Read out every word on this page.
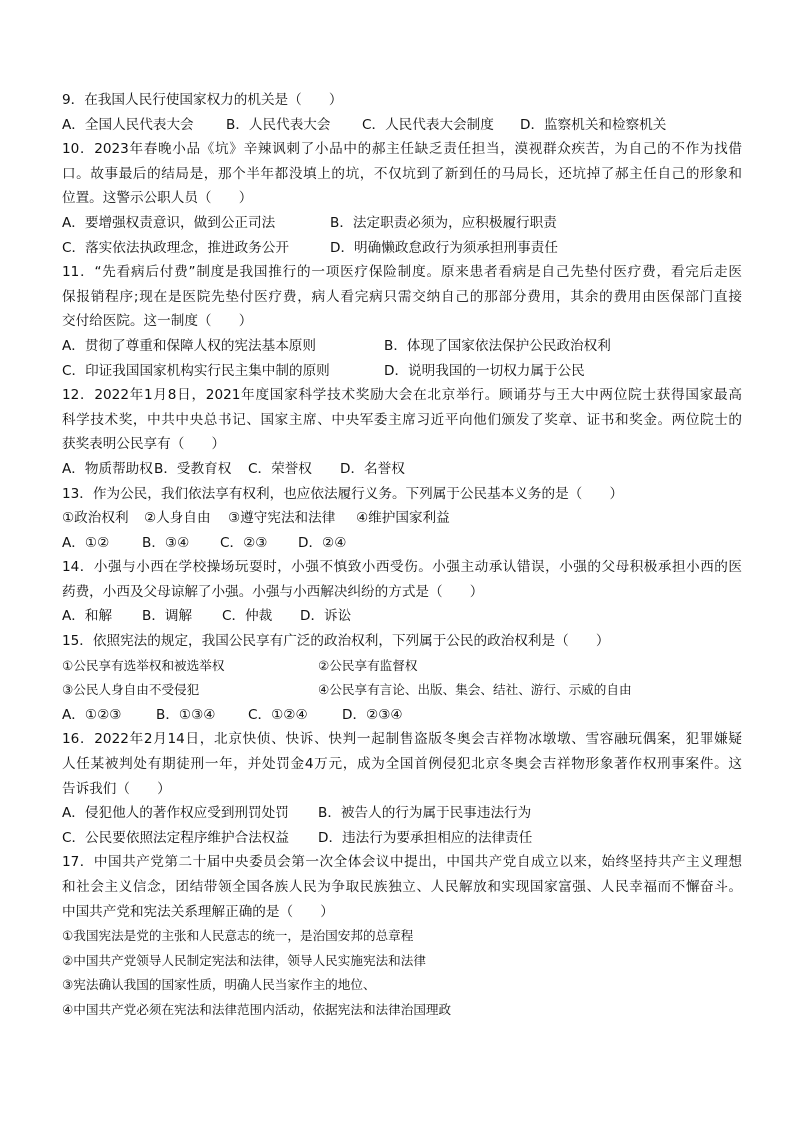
9．在我国人民行使国家权力的机关是（　　）
A．全国人民代表大会	B．人民代表大会	C．人民代表大会制度	D．监察机关和检察机关
10．2023年春晚小品《坑》辛辣讽刺了小品中的郝主任缺乏责任担当，漠视群众疾苦，为自己的不作为找借
口。故事最后的结局是，那个半年都没填上的坑，不仅坑到了新到任的马局长，还坑掉了郝主任自己的形象和
位置。这警示公职人员（　　）
A．要增强权责意识，做到公正司法	B．法定职责必须为，应积极履行职责
C．落实依法执政理念，推进政务公开	D．明确懒政怠政行为须承担刑事责任
11．“先看病后付费”制度是我国推行的一项医疗保险制度。原来患者看病是自己先垫付医疗费，看完后走医
保报销程序;现在是医院先垫付医疗费，病人看完病只需交纳自己的那部分费用，其余的费用由医保部门直接
交付给医院。这一制度（　　）
A．贯彻了尊重和保障人权的宪法基本原则	B．体现了国家依法保护公民政治权利
C．印证我国国家机构实行民主集中制的原则	D．说明我国的一切权力属于公民
12．2022年1月8日，2021年度国家科学技术奖励大会在北京举行。顾诵芬与王大中两位院士获得国家最高
科学技术奖，中共中央总书记、国家主席、中央军委主席习近平向他们颁发了奖章、证书和奖金。两位院士的
获奖表明公民享有（　　）
A．物质帮助权 B．受教育权	C．荣誉权	D．名誉权
13．作为公民，我们依法享有权利，也应依法履行义务。下列属于公民基本义务的是（　　）
①政治权利	②人身自由	③遵守宪法和法律	④维护国家利益
A．①②	B．③④	C．②③	D．②④
14．小强与小西在学校操场玩耍时，小强不慎致小西受伤。小强主动承认错误，小强的父母积极承担小西的医
药费，小西及父母谅解了小强。小强与小西解决纠纷的方式是（　　）
A．和解	B．调解	C．仲裁	D．诉讼
15．依照宪法的规定，我国公民享有广泛的政治权利，下列属于公民的政治权利是（　　）
①公民享有选举权和被选举权	②公民享有监督权
③公民人身自由不受侵犯	④公民享有言论、出版、集会、结社、游行、示威的自由
A．①②③	B．①③④	C．①②④	D．②③④
16．2022年2月14日，北京快侦、快诉、快判一起制售盗版冬奥会吉祥物冰墩墩、雪容融玩偶案，犯罪嫌疑
人任某被判处有期徒刑一年，并处罚金4万元，成为全国首例侵犯北京冬奥会吉祥物形象著作权刑事案件。这
告诉我们（　　）
A．侵犯他人的著作权应受到刑罚处罚	B．被告人的行为属于民事违法行为
C．公民要依照法定程序维护合法权益	D．违法行为要承担相应的法律责任
17．中国共产党第二十届中央委员会第一次全体会议中提出，中国共产党自成立以来，始终坚持共产主义理想
和社会主义信念，团结带领全国各族人民为争取民族独立、人民解放和实现国家富强、人民幸福而不懈奋斗。
中国共产党和宪法关系理解正确的是（　　）
①我国宪法是党的主张和人民意志的统一，是治国安邦的总章程
②中国共产党领导人民制定宪法和法律，领导人民实施宪法和法律
③宪法确认我国的国家性质，明确人民当家作主的地位、
④中国共产党必须在宪法和法律范围内活动，依据宪法和法律治国理政
